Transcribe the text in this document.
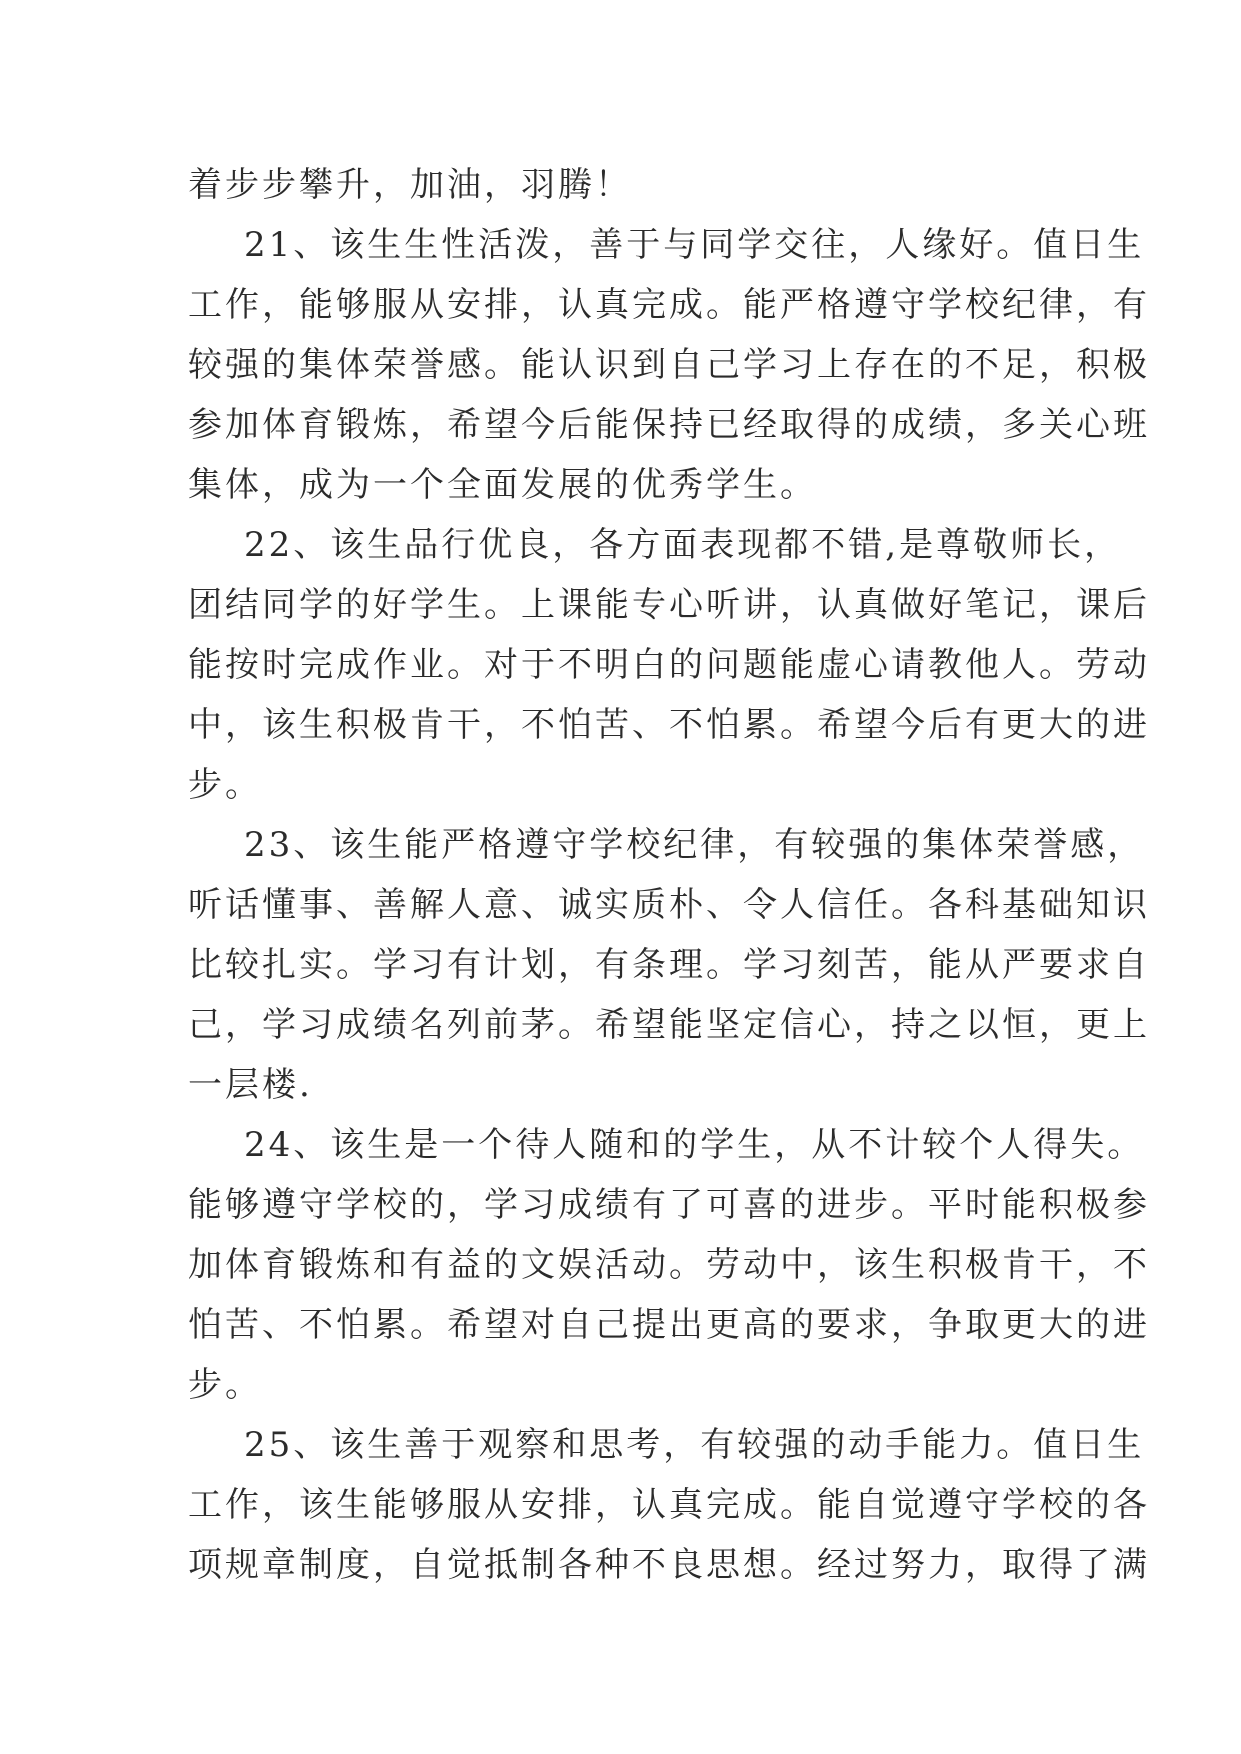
着步步攀升，加油，羽腾！
21、该生生性活泼，善于与同学交往，人缘好。值日生
工作，能够服从安排，认真完成。能严格遵守学校纪律，有
较强的集体荣誉感。能认识到自己学习上存在的不足，积极
参加体育锻炼，希望今后能保持已经取得的成绩，多关心班
集体，成为一个全面发展的优秀学生。
22、该生品行优良，各方面表现都不错,是尊敬师长，
团结同学的好学生。上课能专心听讲，认真做好笔记，课后
能按时完成作业。对于不明白的问题能虚心请教他人。劳动
中，该生积极肯干，不怕苦、不怕累。希望今后有更大的进
步。
23、该生能严格遵守学校纪律，有较强的集体荣誉感，
听话懂事、善解人意、诚实质朴、令人信任。各科基础知识
比较扎实。学习有计划，有条理。学习刻苦，能从严要求自
己，学习成绩名列前茅。希望能坚定信心，持之以恒，更上
一层楼.
24、该生是一个待人随和的学生，从不计较个人得失。
能够遵守学校的，学习成绩有了可喜的进步。平时能积极参
加体育锻炼和有益的文娱活动。劳动中，该生积极肯干，不
怕苦、不怕累。希望对自己提出更高的要求，争取更大的进
步。
25、该生善于观察和思考，有较强的动手能力。值日生
工作，该生能够服从安排，认真完成。能自觉遵守学校的各
项规章制度，自觉抵制各种不良思想。经过努力，取得了满
